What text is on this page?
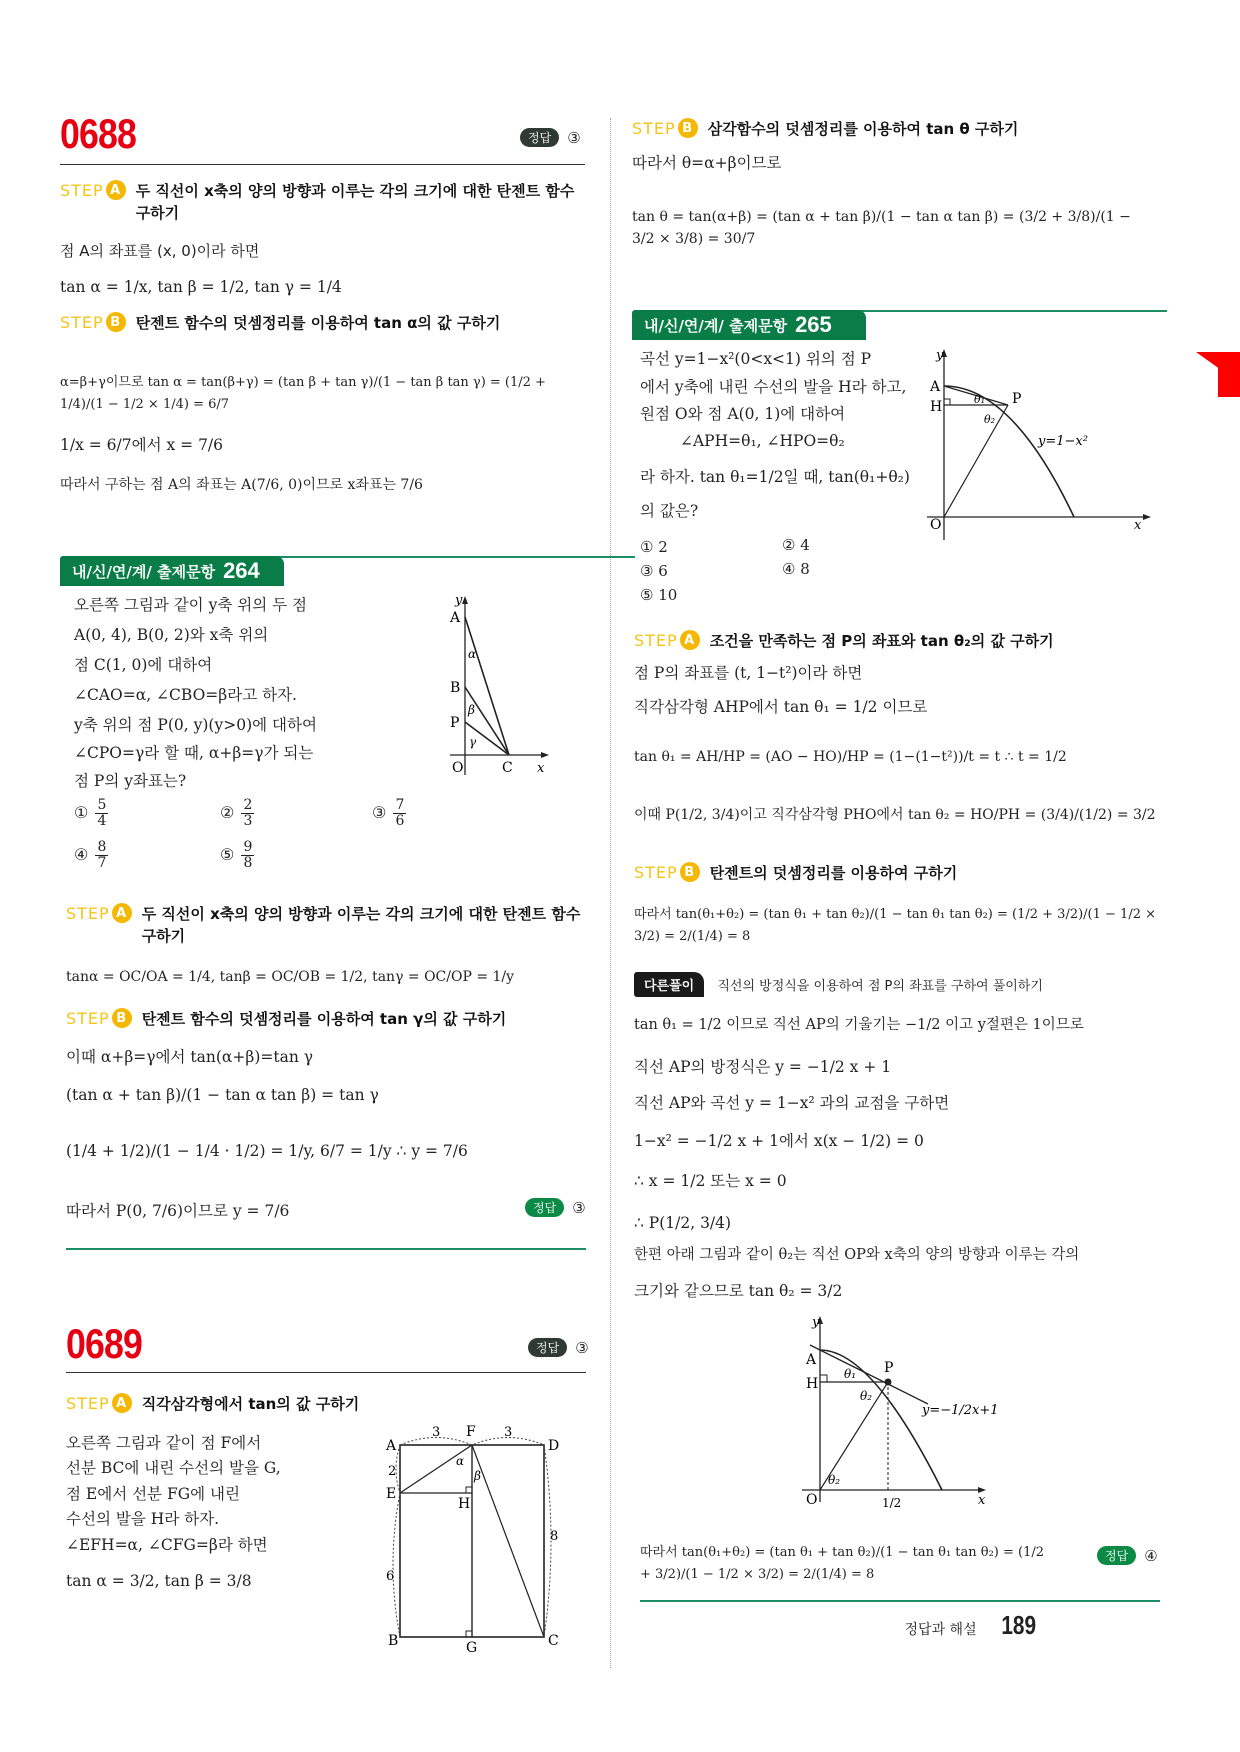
0688	정답	③
STEP A 두 직선이 x축의 양의 방향과 이루는 각의 크기에 대한 탄젠트 함수 구하기
점 A의 좌표를 (x, 0)이라 하면
tan α = 1/x, tan β = 1/2, tan γ = 1/4
STEP B 탄젠트 함수의 덧셈정리를 이용하여 tan α의 값 구하기
α=β+γ이므로 tan α = tan(β+γ) = (tan β + tan γ)/(1 − tan β tan γ) = (1/2 + 1/4)/(1 − 1/2 × 1/4) = 6/7
1/x = 6/7에서 x = 7/6
따라서 구하는 점 A의 좌표는 A(7/6, 0)이므로 x좌표는 7/6
내/신/연/계/ 출제문항 264
오른쪽 그림과 같이 y축 위의 두 점
A(0, 4), B(0, 2)와 x축 위의
점 C(1, 0)에 대하여
∠CAO=α, ∠CBO=β라고 하자.
y축 위의 점 P(0, y)(y>0)에 대하여
∠CPO=γ라 할 때, α+β=γ가 되는
점 P의 y좌표는?
y
A
α
B
β
P
γ
O	C x
① $\frac{5}{4}$	② $\frac{2}{3}$	③ $\frac{7}{6}$
④ $\frac{8}{7}$	⑤ $\frac{9}{8}$
STEP A 두 직선이 x축의 양의 방향과 이루는 각의 크기에 대한 탄젠트 함수 구하기
tanα = OC/OA = 1/4, tanβ = OC/OB = 1/2, tanγ = OC/OP = 1/y
STEP B 탄젠트 함수의 덧셈정리를 이용하여 tan γ의 값 구하기
이때 α+β=γ에서 tan(α+β)=tan γ
(tan α + tan β)/(1 − tan α tan β) = tan γ
(1/4 + 1/2)/(1 − 1/4 · 1/2) = 1/y, 6/7 = 1/y ∴ y = 7/6
따라서 P(0, 7/6)이므로 y = 7/6	정답	③
0689	정답	③
STEP A 직각삼각형에서 tan의 값 구하기
오른쪽 그림과 같이 점 F에서
선분 BC에 내린 수선의 발을 G,
점 E에서 선분 FG에 내린
수선의 발을 H라 하자.
∠EFH=α, ∠CFG=β라 하면
tan α = 3/2, tan β = 3/8
A
3 F 3
D
2
α
β
E
H
8
6
B	G	C
STEP B 삼각함수의 덧셈정리를 이용하여 tan θ 구하기
따라서 θ=α+β이므로
tan θ = tan(α+β) = (tan α + tan β)/(1 − tan α tan β) = (3/2 + 3/8)/(1 − 3/2 × 3/8) = 30/7
내/신/연/계/ 출제문항 265
곡선 y=1−x²(0<x<1) 위의 점 P
에서 y축에 내린 수선의 발을 H라 하고,
원점 O와 점 A(0, 1)에 대하여
∠APH=θ₁, ∠HPO=θ₂
라 하자. tan θ₁=1/2일 때, tan(θ₁+θ₂)
의 값은?
① 2	② 4
③ 6	④ 8
⑤ 10
y
A
θ₁ P
H
θ₂
y=1−x²
O	x
STEP A 조건을 만족하는 점 P의 좌표와 tan θ₂의 값 구하기
점 P의 좌표를 (t, 1−t²)이라 하면
직각삼각형 AHP에서 tan θ₁ = 1/2 이므로
tan θ₁ = AH/HP = (AO − HO)/HP = (1−(1−t²))/t = t ∴ t = 1/2
이때 P(1/2, 3/4)이고 직각삼각형 PHO에서 tan θ₂ = HO/PH = (3/4)/(1/2) = 3/2
STEP B 탄젠트의 덧셈정리를 이용하여 구하기
따라서 tan(θ₁+θ₂) = (tan θ₁ + tan θ₂)/(1 − tan θ₁ tan θ₂) = (1/2 + 3/2)/(1 − 1/2 × 3/2) = 2/(1/4) = 8
다른풀이 직선의 방정식을 이용하여 점 P의 좌표를 구하여 풀이하기
tan θ₁ = 1/2 이므로 직선 AP의 기울기는 −1/2 이고 y절편은 1이므로
직선 AP의 방정식은 y = −1/2 x + 1
직선 AP와 곡선 y = 1−x² 과의 교점을 구하면
1−x² = −1/2 x + 1에서 x(x − 1/2) = 0
∴ x = 1/2 또는 x = 0
∴ P(1/2, 3/4)
한편 아래 그림과 같이 θ₂는 직선 OP와 x축의 양의 방향과 이루는 각의
크기와 같으므로 tan θ₂ = 3/2
y
A
θ₁ P
H
θ₂
y=−1/2x+1
θ₂
O	1/2	x
따라서 tan(θ₁+θ₂) = (tan θ₁ + tan θ₂)/(1 − tan θ₁ tan θ₂) = (1/2 + 3/2)/(1 − 1/2 × 3/2) = 2/(1/4) = 8
정답	④
정답과 해설 189
